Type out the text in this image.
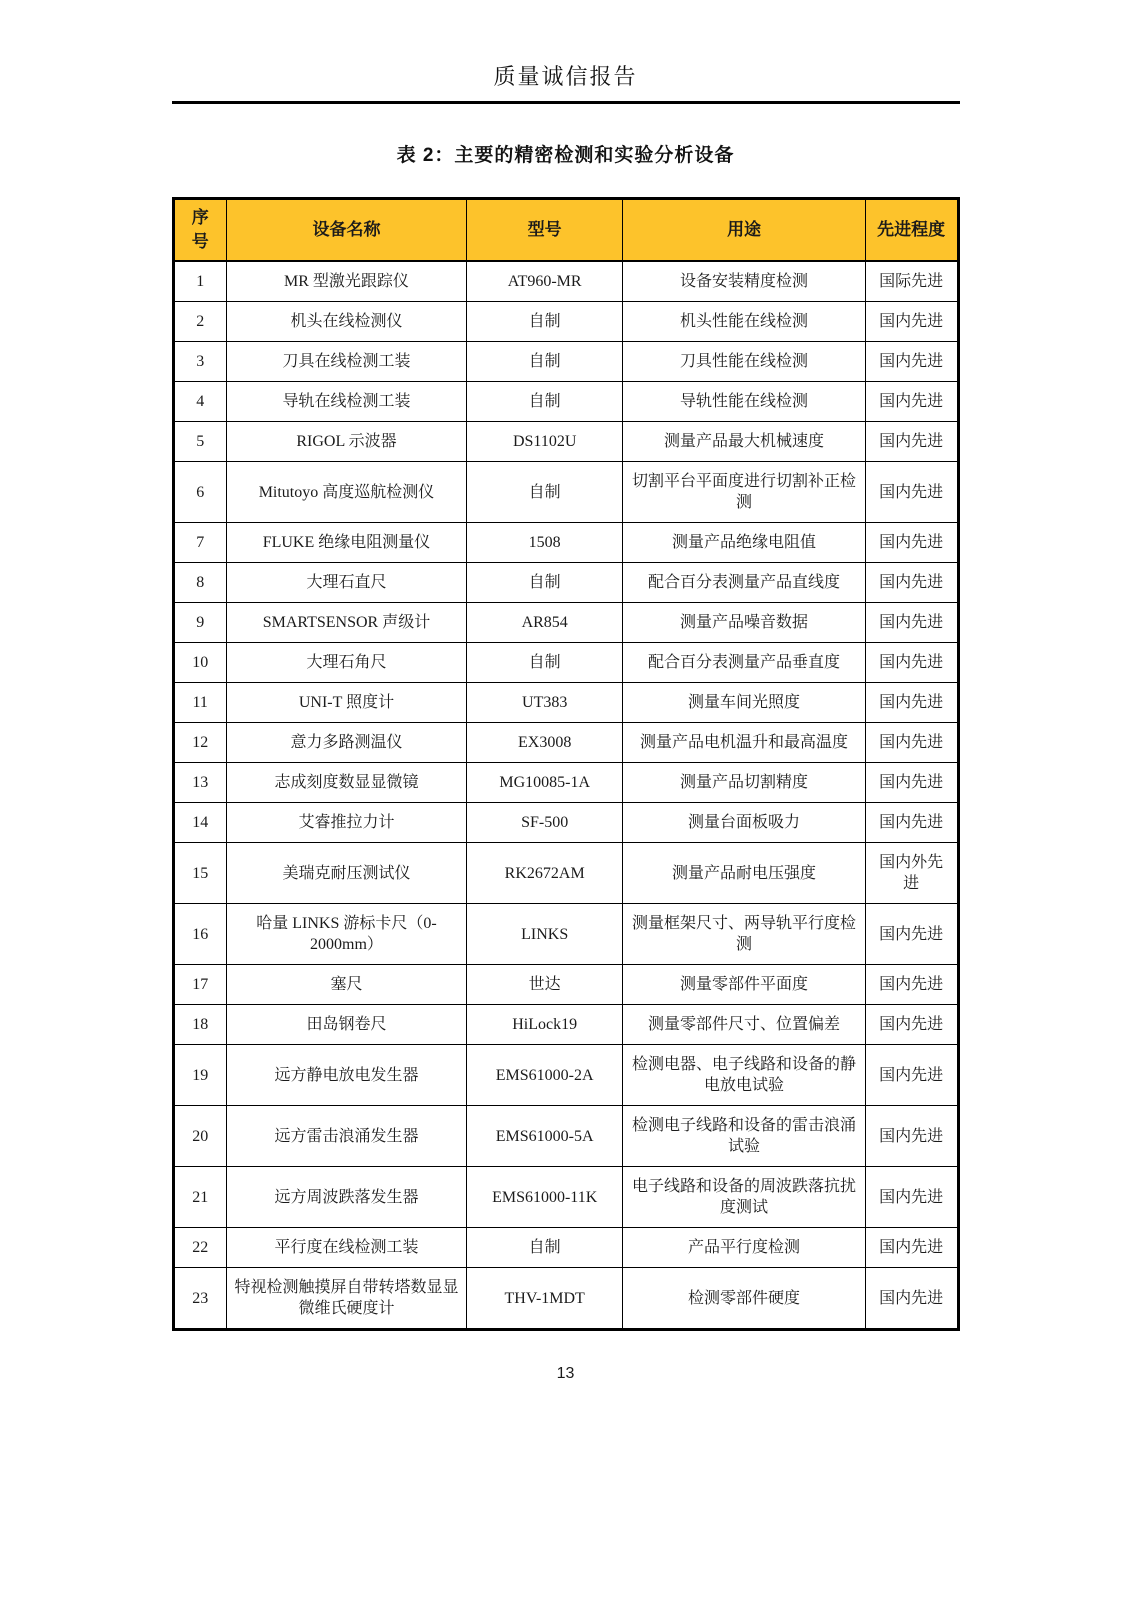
质量诚信报告
表 2：主要的精密检测和实验分析设备
序号	设备名称	型号	用途	先进程度
1	MR 型激光跟踪仪	AT960-MR	设备安装精度检测	国际先进
2	机头在线检测仪	自制	机头性能在线检测	国内先进
3	刀具在线检测工装	自制	刀具性能在线检测	国内先进
4	导轨在线检测工装	自制	导轨性能在线检测	国内先进
5	RIGOL 示波器	DS1102U	测量产品最大机械速度	国内先进
6	Mitutoyo 高度巡航检测仪	自制	切割平台平面度进行切割补正检测	国内先进
7	FLUKE 绝缘电阻测量仪	1508	测量产品绝缘电阻值	国内先进
8	大理石直尺	自制	配合百分表测量产品直线度	国内先进
9	SMARTSENSOR 声级计	AR854	测量产品噪音数据	国内先进
10	大理石角尺	自制	配合百分表测量产品垂直度	国内先进
11	UNI-T 照度计	UT383	测量车间光照度	国内先进
12	意力多路测温仪	EX3008	测量产品电机温升和最高温度	国内先进
13	志成刻度数显显微镜	MG10085-1A	测量产品切割精度	国内先进
14	艾睿推拉力计	SF-500	测量台面板吸力	国内先进
15	美瑞克耐压测试仪	RK2672AM	测量产品耐电压强度	国内外先进
16	哈量 LINKS 游标卡尺（0-2000mm）	LINKS	测量框架尺寸、两导轨平行度检测	国内先进
17	塞尺	世达	测量零部件平面度	国内先进
18	田岛钢卷尺	HiLock19	测量零部件尺寸、位置偏差	国内先进
19	远方静电放电发生器	EMS61000-2A	检测电器、电子线路和设备的静电放电试验	国内先进
20	远方雷击浪涌发生器	EMS61000-5A	检测电子线路和设备的雷击浪涌试验	国内先进
21	远方周波跌落发生器	EMS61000-11K	电子线路和设备的周波跌落抗扰度测试	国内先进
22	平行度在线检测工装	自制	产品平行度检测	国内先进
23	特视检测触摸屏自带转塔数显显微维氏硬度计	THV-1MDT	检测零部件硬度	国内先进
13
